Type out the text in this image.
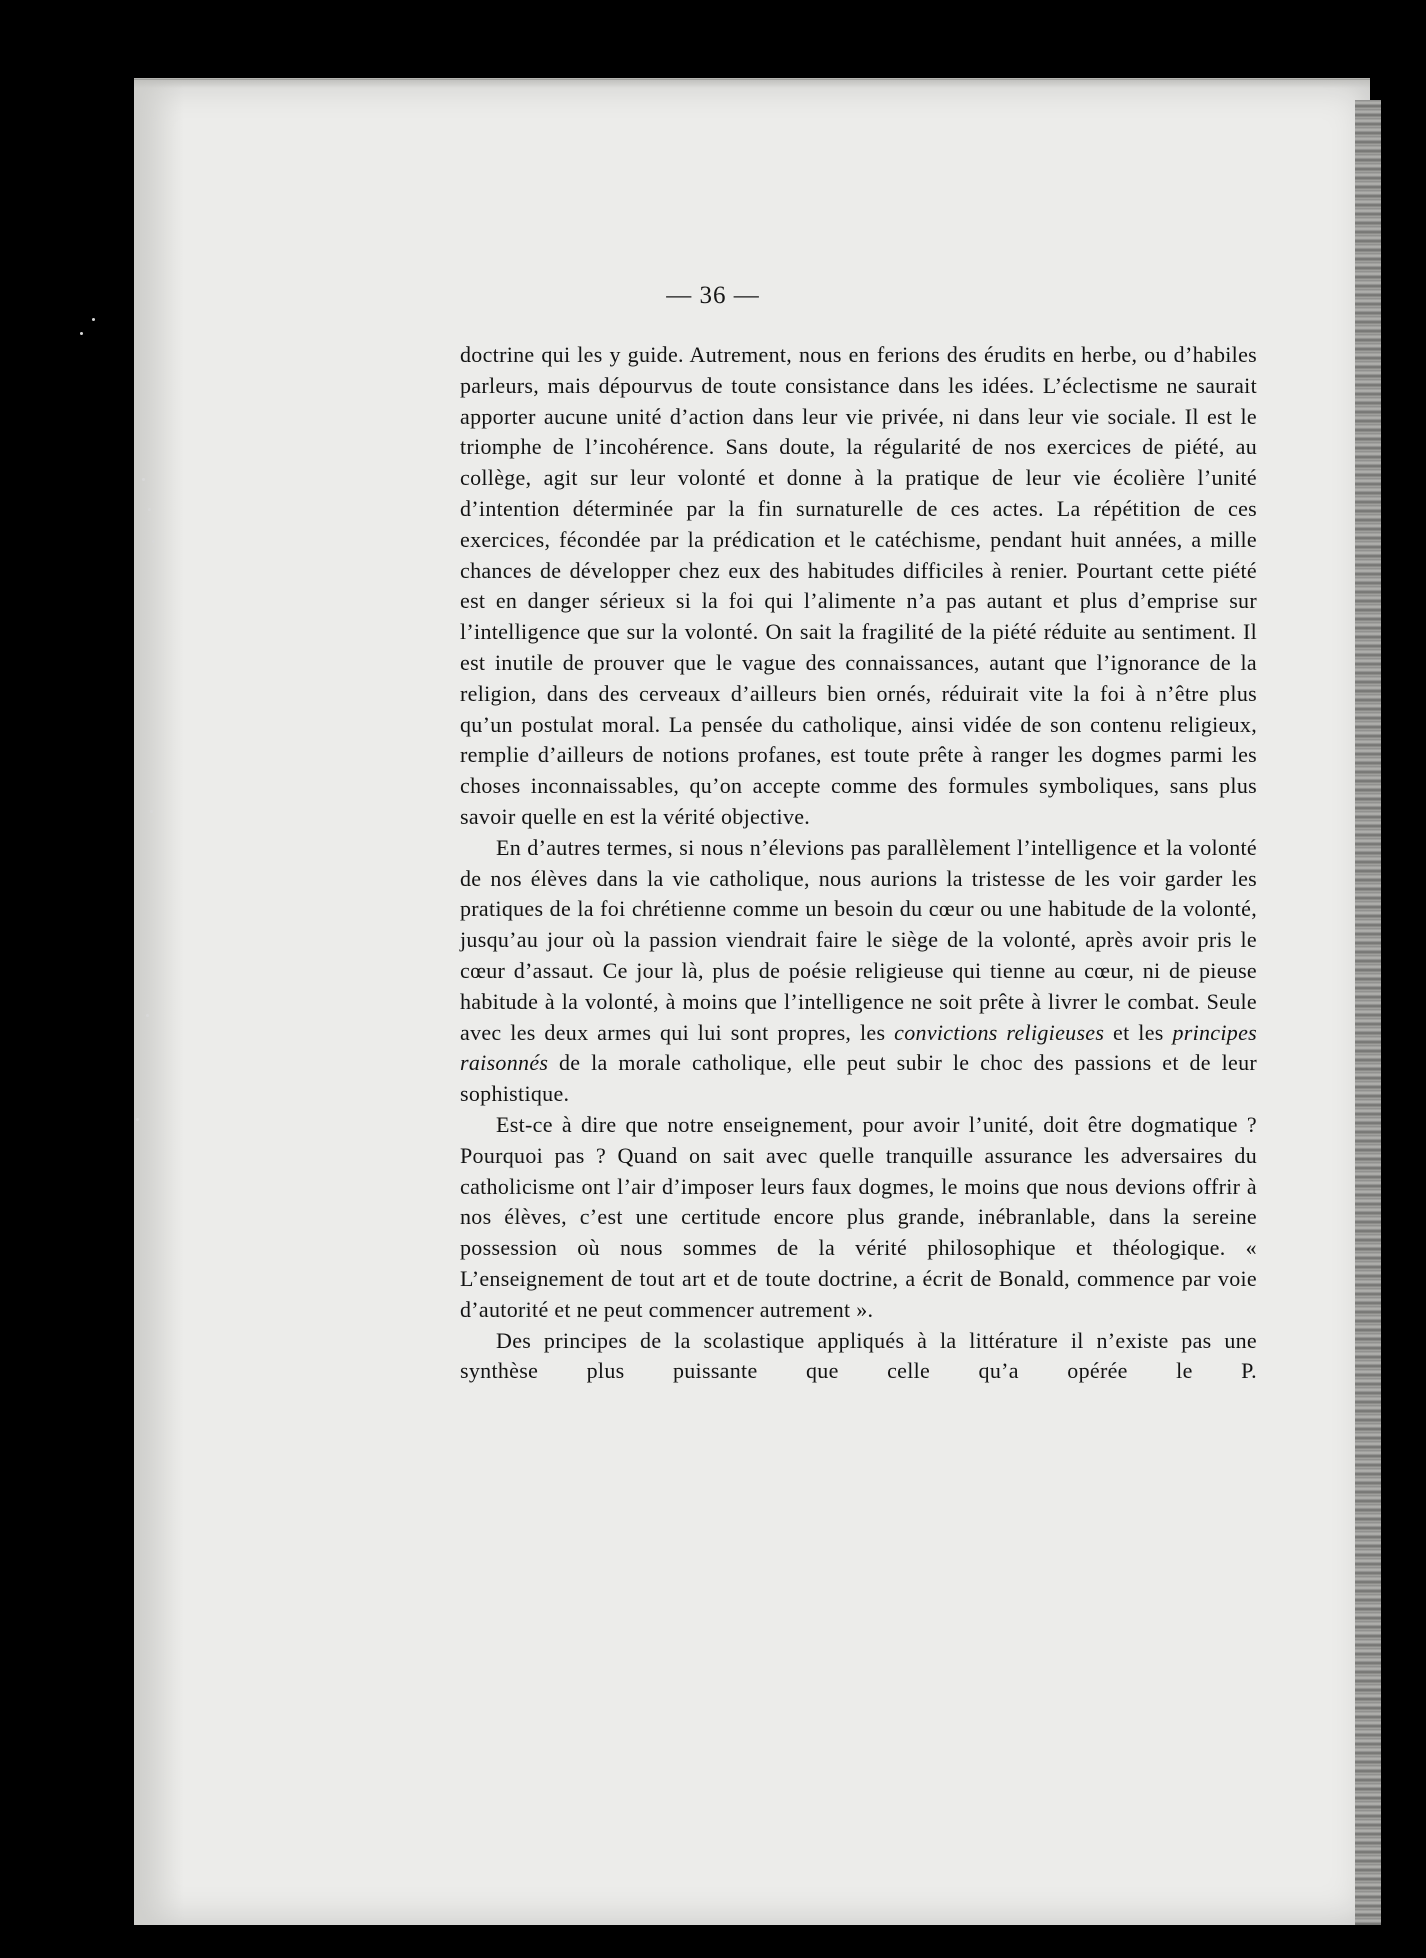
— 36 —

doctrine qui les y guide. Autrement, nous en ferions des érudits en herbe, ou d’habiles parleurs, mais dépourvus de toute consistance dans les idées. L’éclectisme ne saurait apporter aucune unité d’action dans leur vie privée, ni dans leur vie sociale. Il est le triomphe de l’incohérence. Sans doute, la régularité de nos exercices de piété, au collège, agit sur leur volonté et donne à la pratique de leur vie écolière l’unité d’intention déterminée par la fin surnaturelle de ces actes. La répétition de ces exercices, fécondée par la prédication et le catéchisme, pendant huit années, a mille chances de développer chez eux des habitudes difficiles à renier. Pourtant cette piété est en danger sérieux si la foi qui l’alimente n’a pas autant et plus d’emprise sur l’intelligence que sur la volonté. On sait la fragilité de la piété réduite au sentiment. Il est inutile de prouver que le vague des connaissances, autant que l’ignorance de la religion, dans des cerveaux d’ailleurs bien ornés, réduirait vite la foi à n’être plus qu’un postulat moral. La pensée du catholique, ainsi vidée de son contenu religieux, remplie d’ailleurs de notions profanes, est toute prête à ranger les dogmes parmi les choses inconnaissables, qu’on accepte comme des formules symboliques, sans plus savoir quelle en est la vérité objective.

En d’autres termes, si nous n’élevions pas parallèlement l’intelligence et la volonté de nos élèves dans la vie catholique, nous aurions la tristesse de les voir garder les pratiques de la foi chrétienne comme un besoin du cœur ou une habitude de la volonté, jusqu’au jour où la passion viendrait faire le siège de la volonté, après avoir pris le cœur d’assaut. Ce jour là, plus de poésie religieuse qui tienne au cœur, ni de pieuse habitude à la volonté, à moins que l’intelligence ne soit prête à livrer le combat. Seule avec les deux armes qui lui sont propres, les convictions religieuses et les principes raisonnés de la morale catholique, elle peut subir le choc des passions et de leur sophistique.

Est-ce à dire que notre enseignement, pour avoir l’unité, doit être dogmatique ? Pourquoi pas ? Quand on sait avec quelle tranquille assurance les adversaires du catholicisme ont l’air d’imposer leurs faux dogmes, le moins que nous devions offrir à nos élèves, c’est une certitude encore plus grande, inébranlable, dans la sereine possession où nous sommes de la vérité philosophique et théologique. « L’enseignement de tout art et de toute doctrine, a écrit de Bonald, commence par voie d’autorité et ne peut commencer autrement ».

Des principes de la scolastique appliqués à la littérature il n’existe pas une synthèse plus puissante que celle qu’a opérée le P.
